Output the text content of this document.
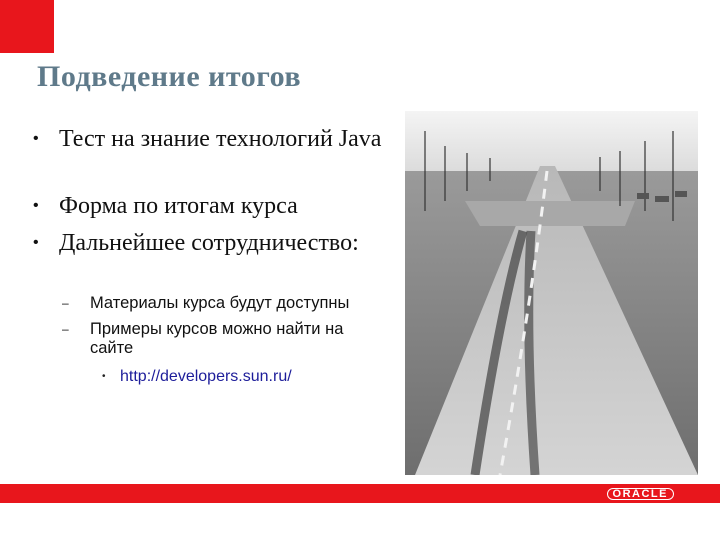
Подведение итогов
• Тест на знание технологий Java
• Форма по итогам курса
• Дальнейшее сотрудничество:
– Материалы курса будут доступны
– Примеры курсов можно найти на сайте
• http://developers.sun.ru/
ORACLE
